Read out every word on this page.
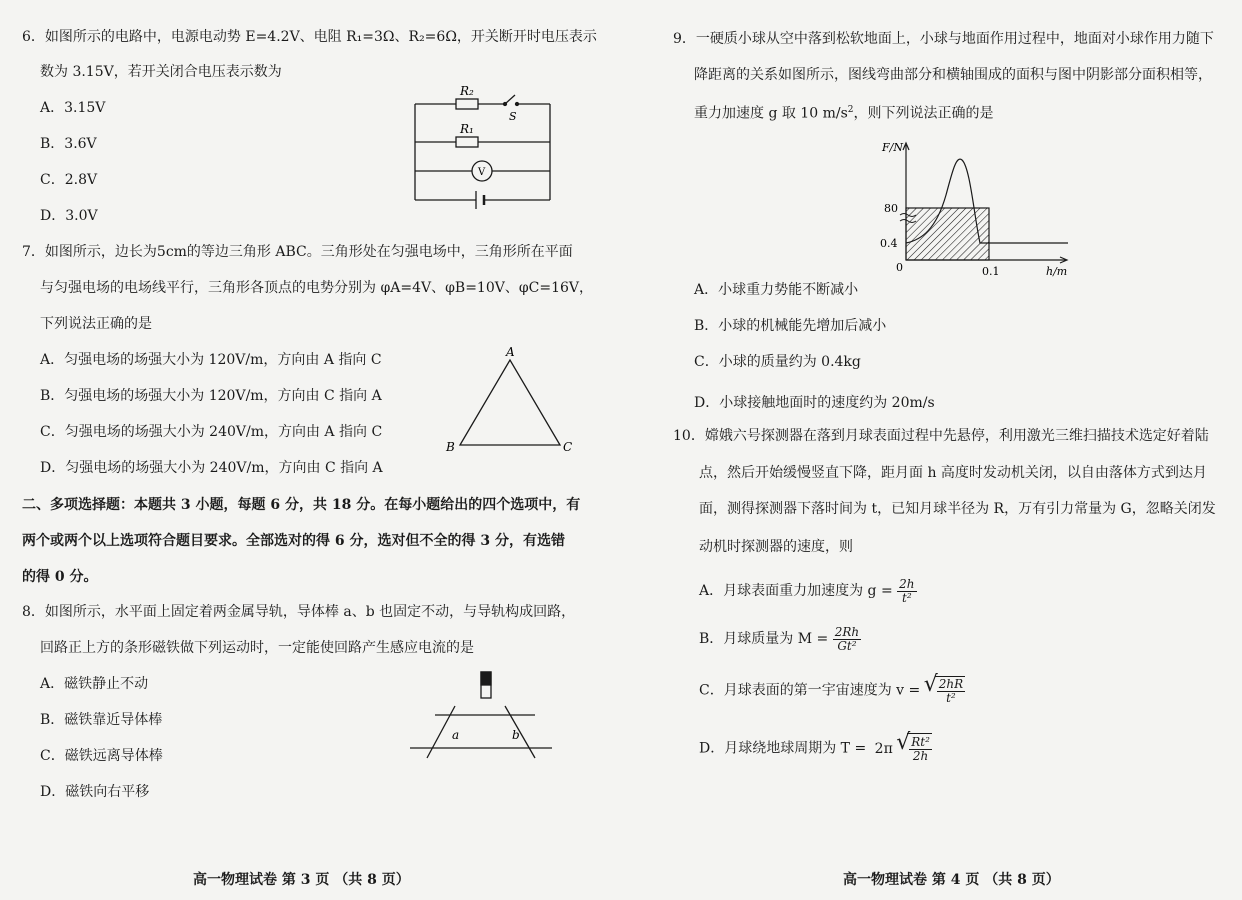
6．如图所示的电路中，电源电动势 E=4.2V、电阻 R₁=3Ω、R₂=6Ω，开关断开时电压表示
数为 3.15V，若开关闭合电压表示数为
A．3.15V
B．3.6V
C．2.8V
D．3.0V
R₂
S
R₁
V
7．如图所示，边长为5cm的等边三角形 ABC。三角形处在匀强电场中，三角形所在平面
与匀强电场的电场线平行，三角形各顶点的电势分别为 φA=4V、φB=10V、φC=16V，
下列说法正确的是
A．匀强电场的场强大小为 120V/m，方向由 A 指向 C
B．匀强电场的场强大小为 120V/m，方向由 C 指向 A
C．匀强电场的场强大小为 240V/m，方向由 A 指向 C
D．匀强电场的场强大小为 240V/m，方向由 C 指向 A
A
B	C
二、多项选择题：本题共 3 小题，每题 6 分，共 18 分。在每小题给出的四个选项中，有
两个或两个以上选项符合题目要求。全部选对的得 6 分，选对但不全的得 3 分，有选错
的得 0 分。
8．如图所示，水平面上固定着两金属导轨，导体棒 a、b 也固定不动，与导轨构成回路，
回路正上方的条形磁铁做下列运动时，一定能使回路产生感应电流的是
A．磁铁静止不动
B．磁铁靠近导体棒
C．磁铁远离导体棒
D．磁铁向右平移
a	b
高一物理试卷 第 3 页 （共 8 页）
9．一硬质小球从空中落到松软地面上，小球与地面作用过程中，地面对小球作用力随下
降距离的关系如图所示，图线弯曲部分和横轴围成的面积与图中阴影部分面积相等，
重力加速度 g 取 10 $m/s^2$，则下列说法正确的是
F/N
80
0.4
0	0.1	h/m
A．小球重力势能不断减小
B．小球的机械能先增加后减小
C．小球的质量约为 0.4kg
D．小球接触地面时的速度约为 20m/s
10．嫦娥六号探测器在落到月球表面过程中先悬停，利用激光三维扫描技术选定好着陆
点，然后开始缓慢竖直下降，距月面 h 高度时发动机关闭，以自由落体方式到达月
面，测得探测器下落时间为 t，已知月球半径为 R，万有引力常量为 G，忽略关闭发
动机时探测器的速度，则
A．月球表面重力加速度为 $g = \frac{2h}{\text{t²}}$
B．月球质量为 $M = \frac{2Rh}{\text{Gt²}}$
C．月球表面的第一宇宙速度为 v = √ $\frac{2hR}{\text{t²}}$
D．月球绕地球周期为 T = 2π √ $\frac{\text{Rt²}}{2h}$
高一物理试卷 第 4 页 （共 8 页）
